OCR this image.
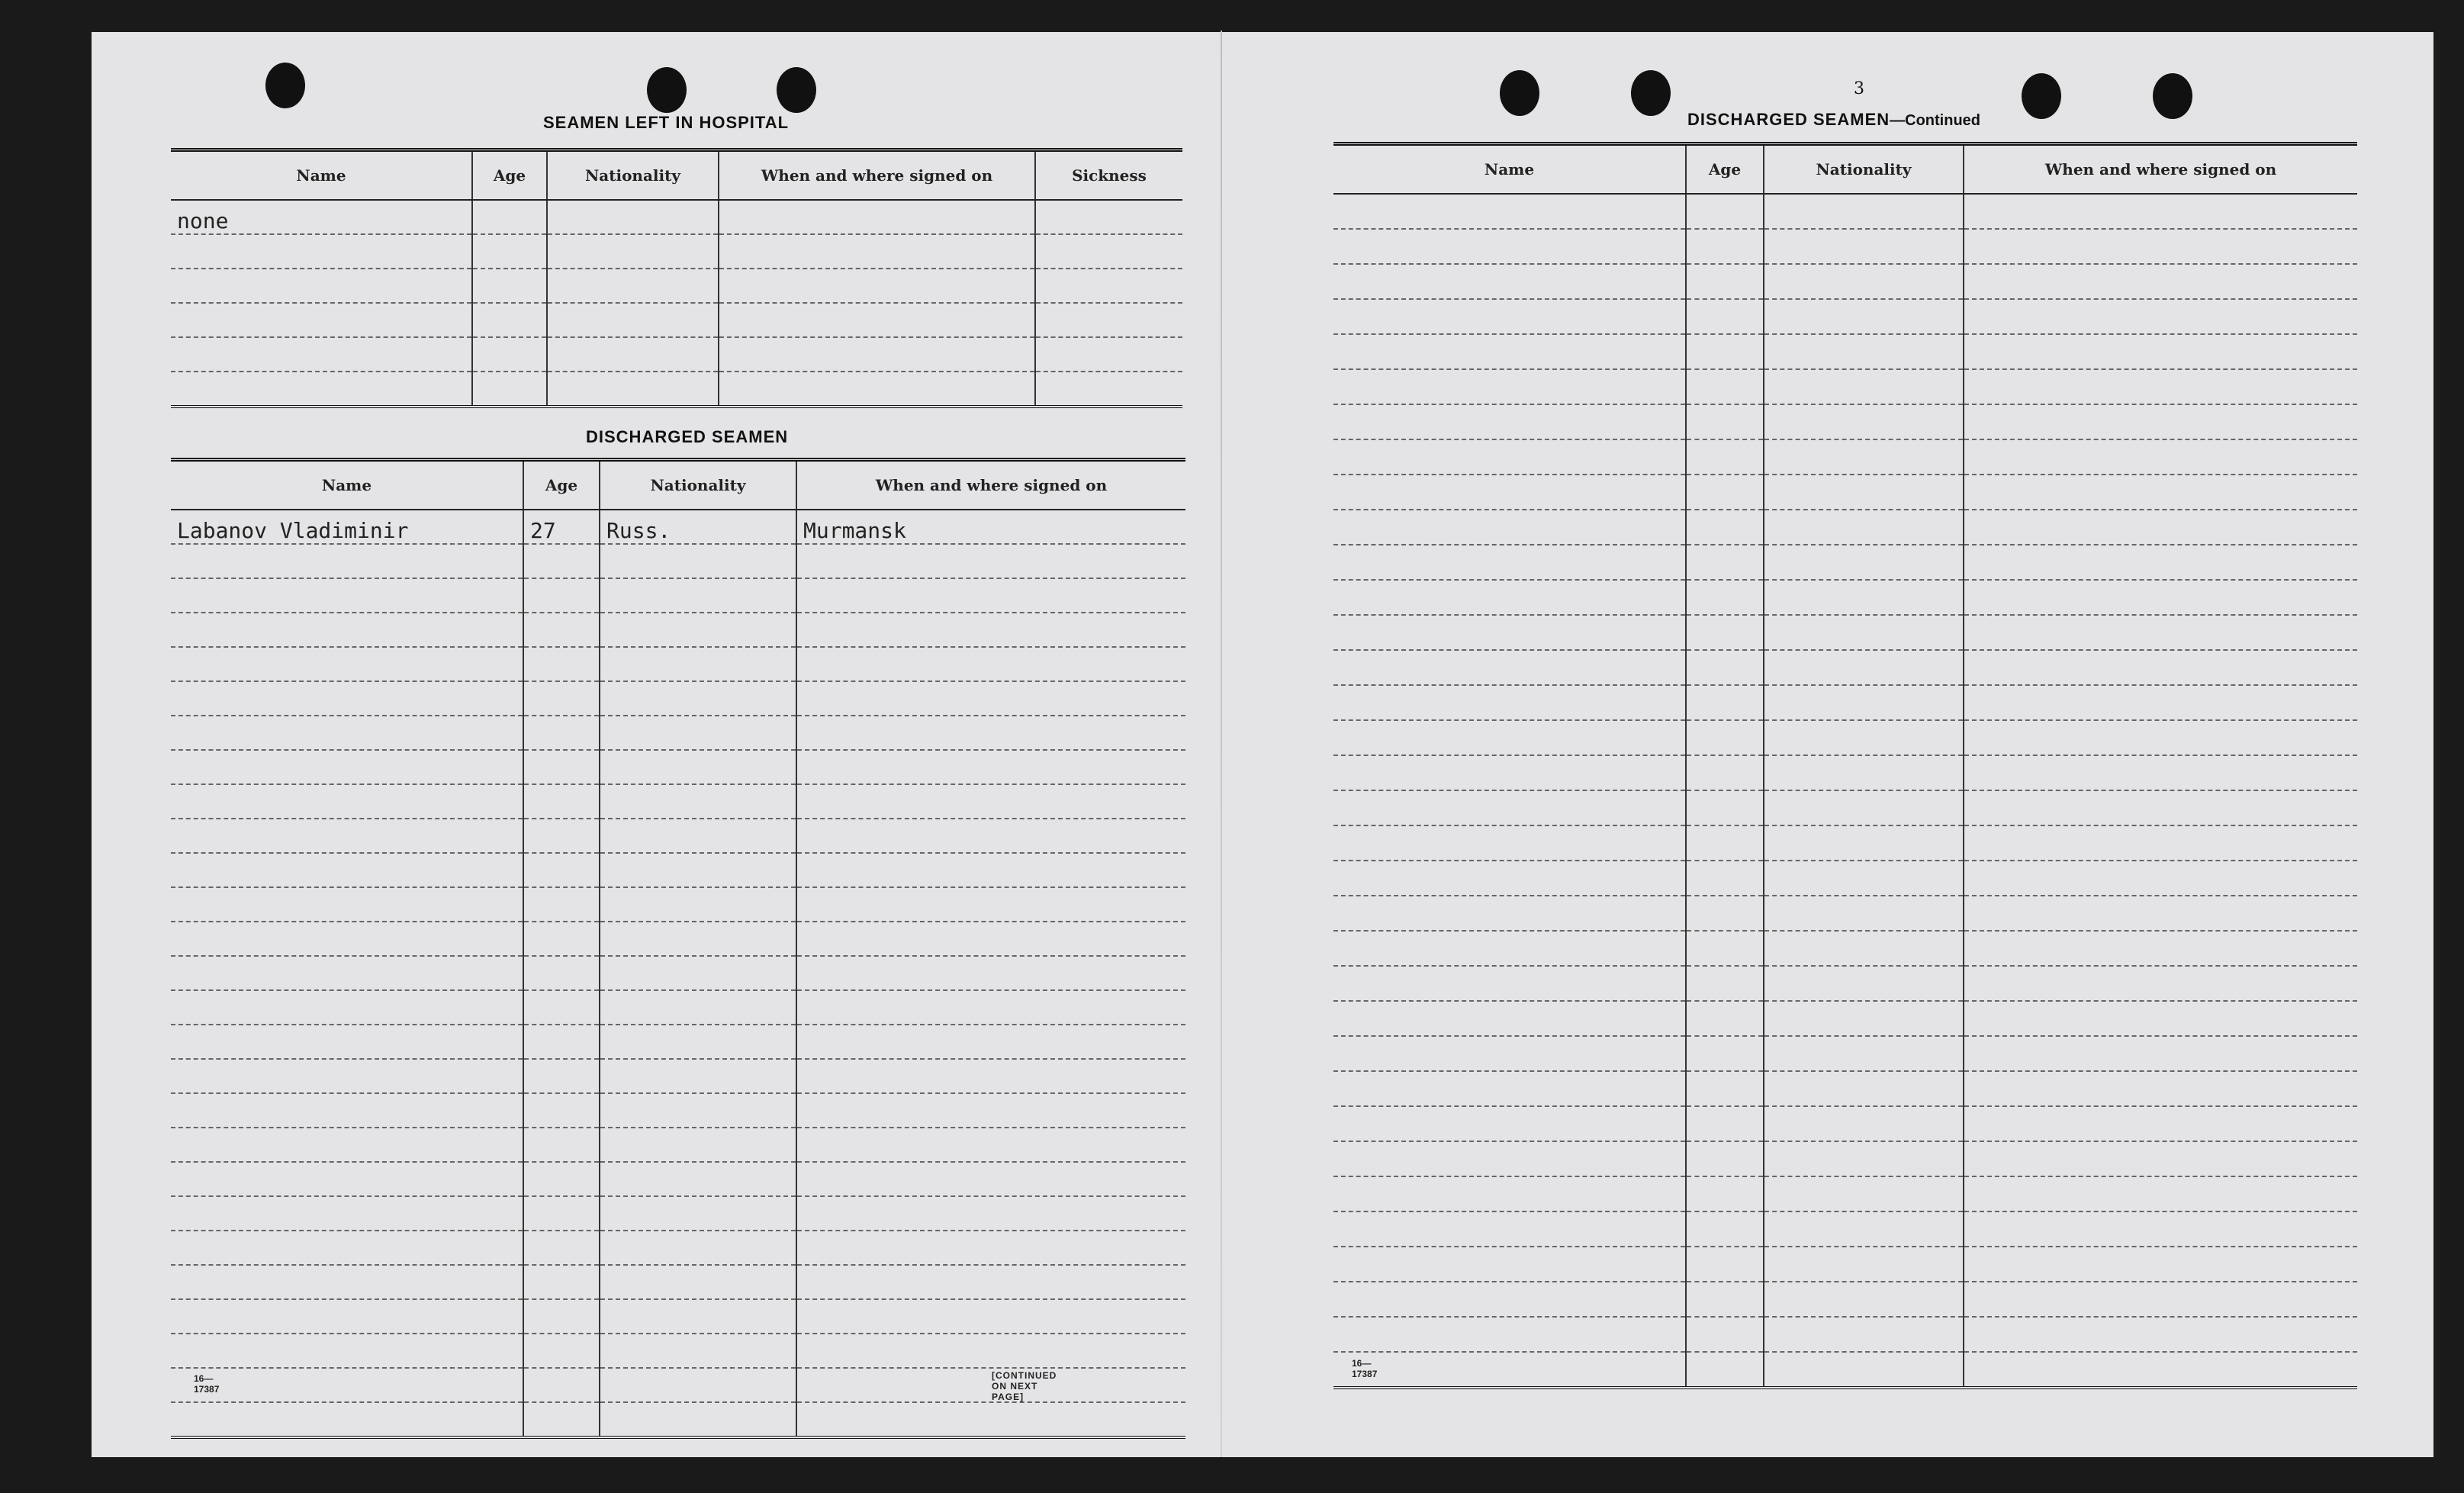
SEAMEN LEFT IN HOSPITAL
Name	Age	Nationality	When and where signed on	Sickness
none				

DISCHARGED SEAMEN
Name	Age	Nationality	When and where signed on
Labanov Vladiminir	27	Russ.	Murmansk

16—17387
[CONTINUED ON NEXT PAGE]
3
DISCHARGED SEAMEN—Continued
Name	Age	Nationality	When and where signed on

16—17387
